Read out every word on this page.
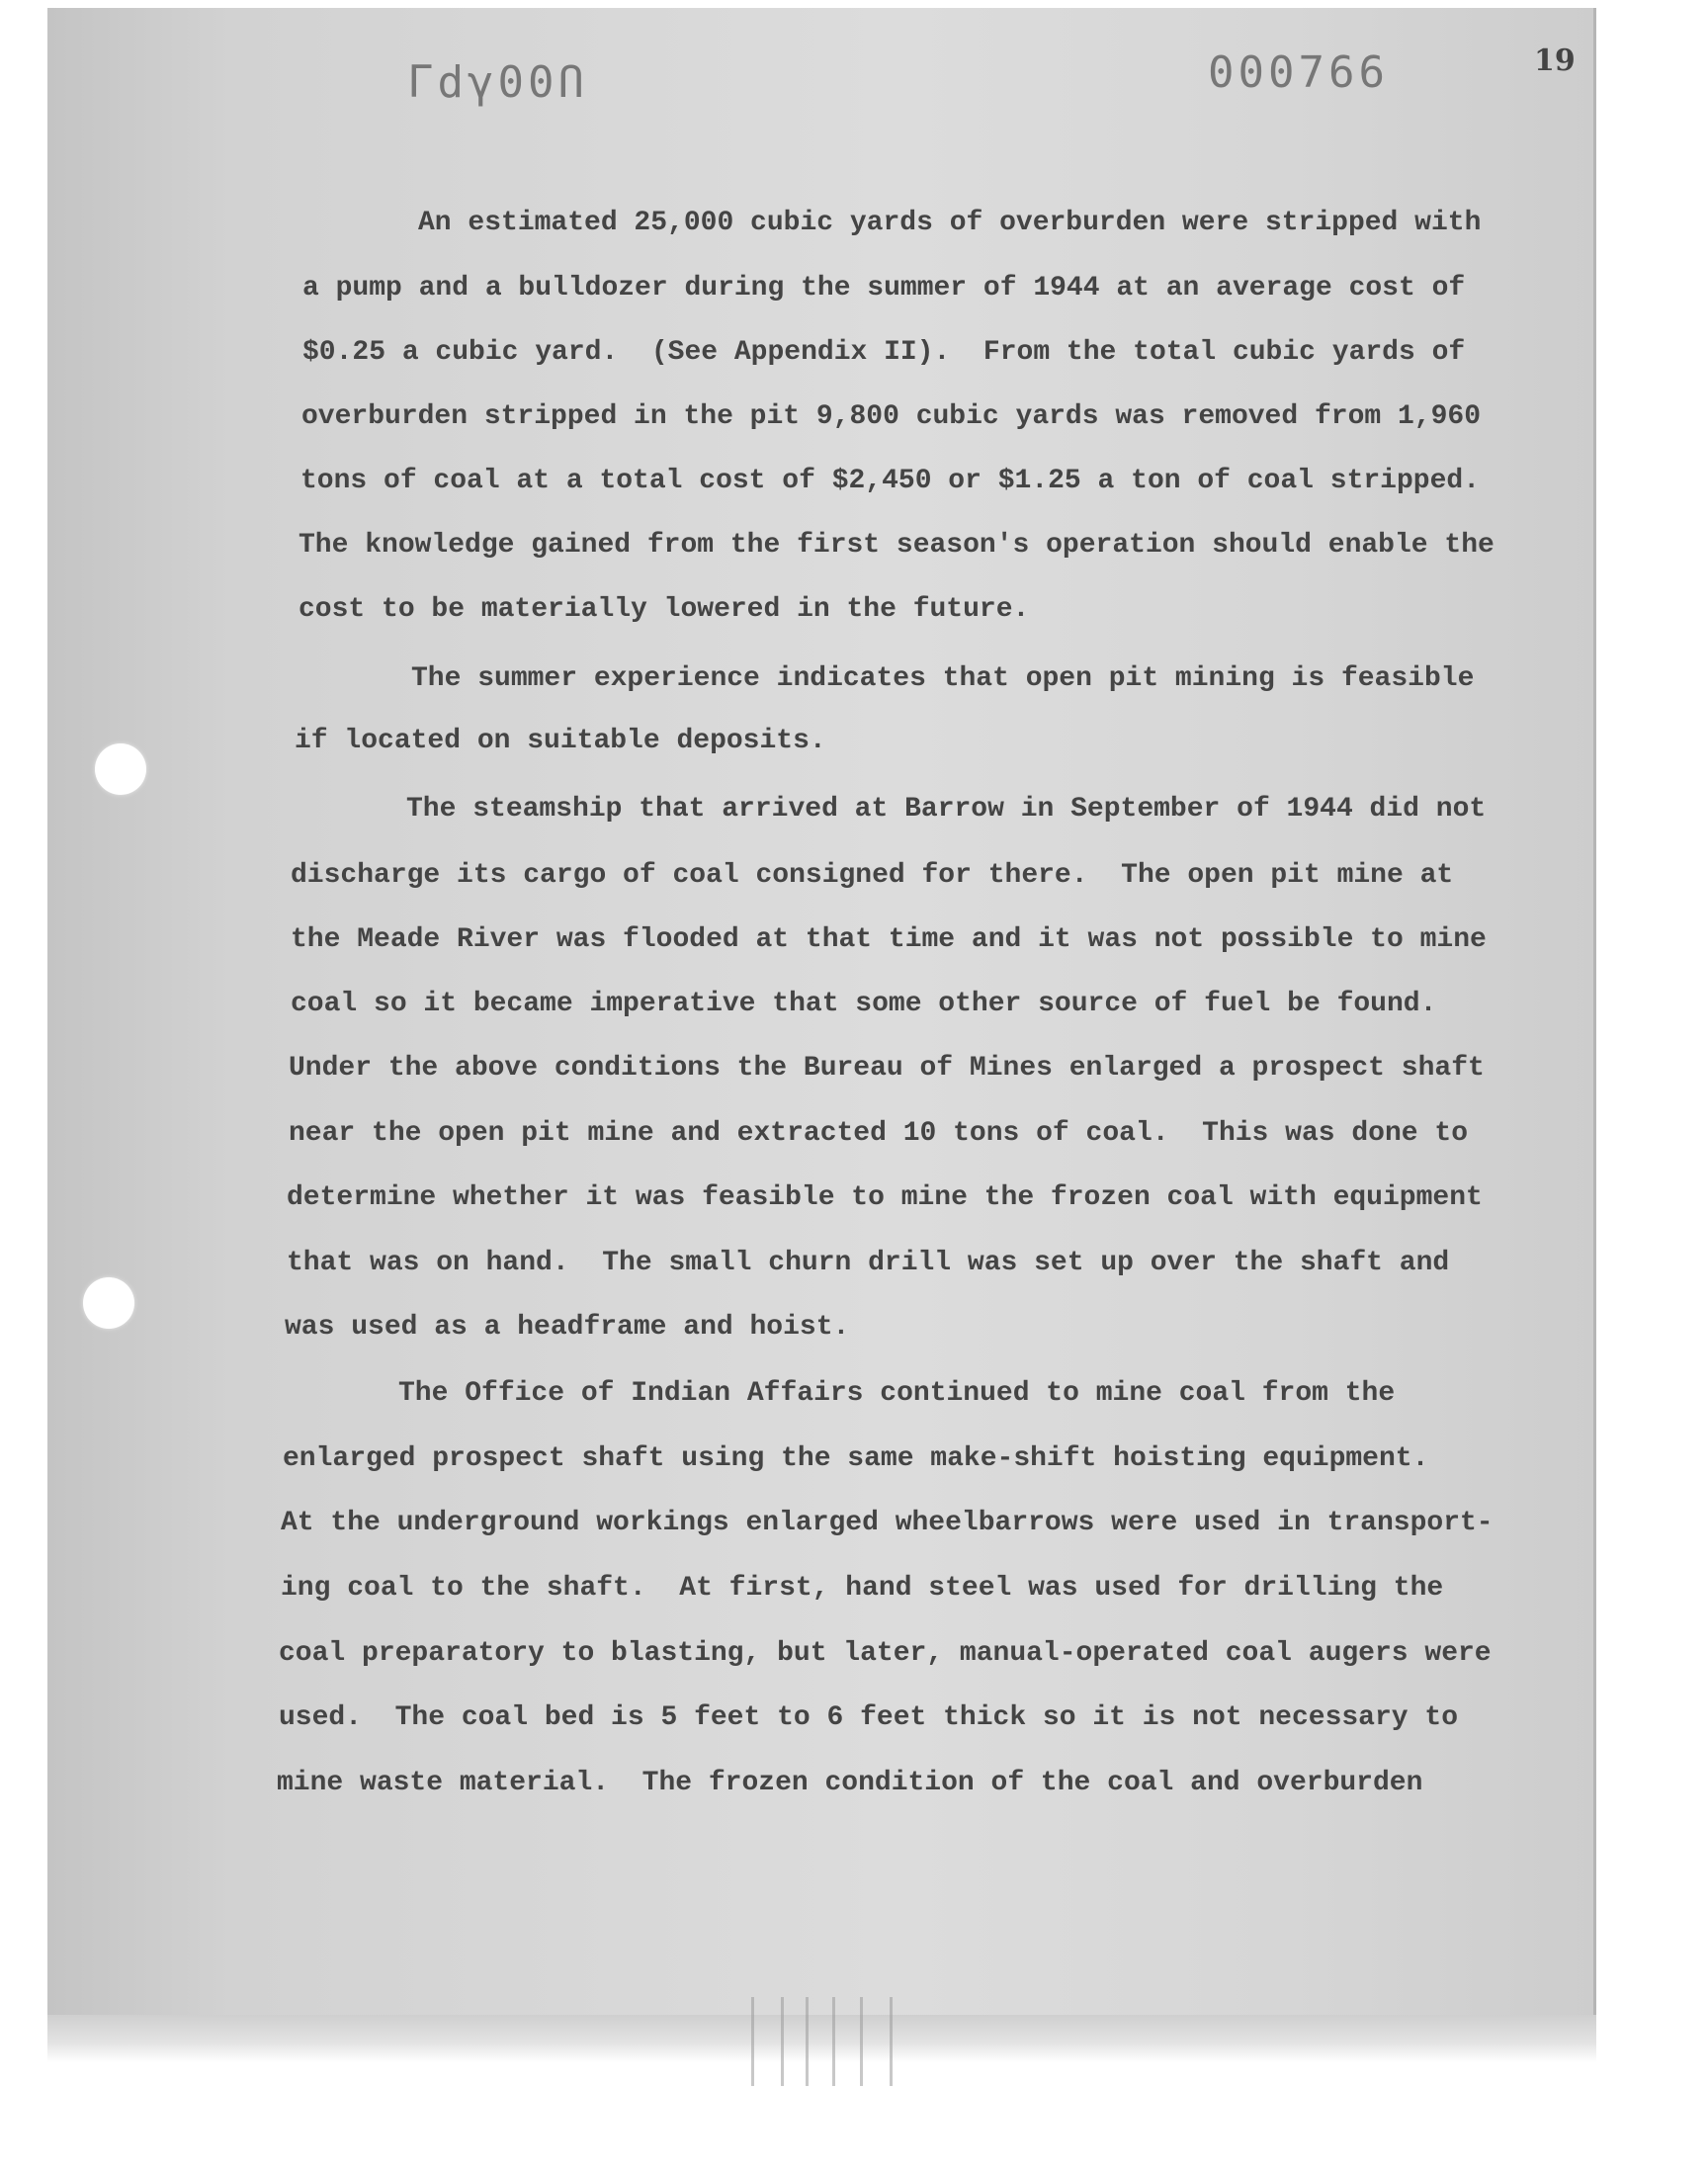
Γdγ00Ո	000766	19
An estimated 25,000 cubic yards of overburden were stripped with
a pump and a bulldozer during the summer of 1944 at an average cost of
$0.25 a cubic yard.  (See Appendix II).  From the total cubic yards of
overburden stripped in the pit 9,800 cubic yards was removed from 1,960
tons of coal at a total cost of $2,450 or $1.25 a ton of coal stripped.
The knowledge gained from the first season's operation should enable the
cost to be materially lowered in the future.
The summer experience indicates that open pit mining is feasible
if located on suitable deposits.
The steamship that arrived at Barrow in September of 1944 did not
discharge its cargo of coal consigned for there.  The open pit mine at
the Meade River was flooded at that time and it was not possible to mine
coal so it became imperative that some other source of fuel be found.
Under the above conditions the Bureau of Mines enlarged a prospect shaft
near the open pit mine and extracted 10 tons of coal.  This was done to
determine whether it was feasible to mine the frozen coal with equipment
that was on hand.  The small churn drill was set up over the shaft and
was used as a headframe and hoist.
The Office of Indian Affairs continued to mine coal from the
enlarged prospect shaft using the same make-shift hoisting equipment.
At the underground workings enlarged wheelbarrows were used in transport-
ing coal to the shaft.  At first, hand steel was used for drilling the
coal preparatory to blasting, but later, manual-operated coal augers were
used.  The coal bed is 5 feet to 6 feet thick so it is not necessary to
mine waste material.  The frozen condition of the coal and overburden
